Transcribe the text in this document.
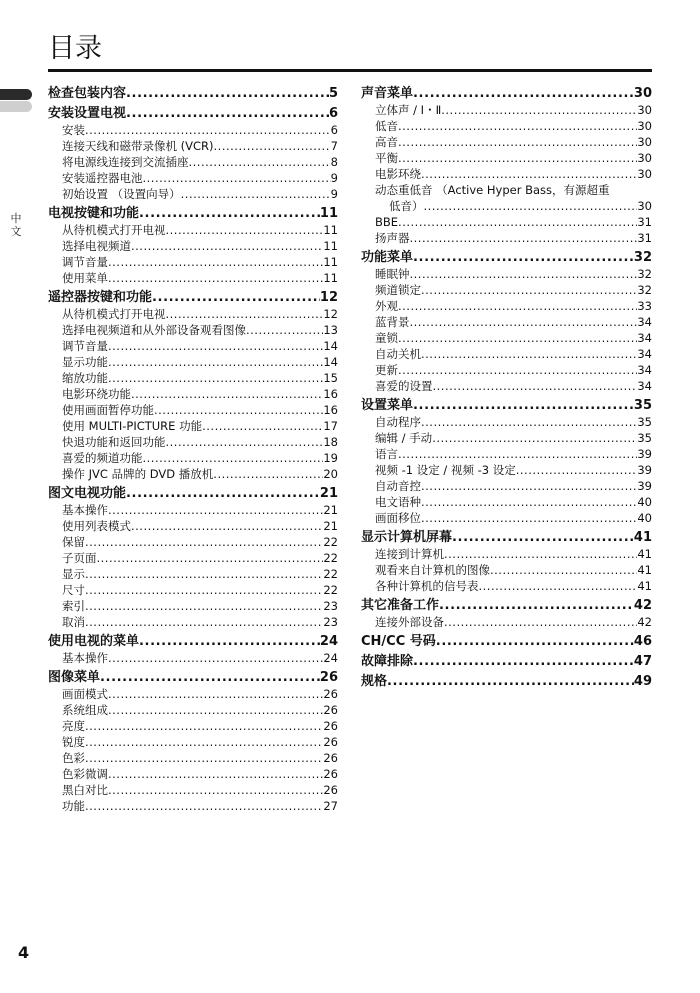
目录
中文
检查包装内容 .....	5
安装设置电视 .....	6
安装 .....	6
连接天线和磁带录像机 (VCR) .....	7
将电源线连接到交流插座 .....	8
安装遥控器电池 .....	9
初始设置 （设置向导） .....	9
电视按键和功能 .....	11
从待机模式打开电视 .....	11
选择电视频道 .....	11
调节音量 .....	11
使用菜单 .....	11
遥控器按键和功能 .....	12
从待机模式打开电视 .....	12
选择电视频道和从外部设备观看图像 .....	13
调节音量 .....	14
显示功能 .....	14
缩放功能 .....	15
电影环绕功能 .....	16
使用画面暂停功能 .....	16
使用 MULTI-PICTURE 功能 .....	17
快退功能和返回功能 .....	18
喜爱的频道功能 .....	19
操作 JVC 品牌的 DVD 播放机 .....	20
图文电视功能 .....	21
基本操作 .....	21
使用列表模式 .....	21
保留 .....	22
子页面 .....	22
显示 .....	22
尺寸 .....	22
索引 .....	23
取消 .....	23
使用电视的菜单 .....	24
基本操作 .....	24
图像菜单 .....	26
画面模式 .....	26
系统组成 .....	26
亮度 .....	26
锐度 .....	26
色彩 .....	26
色彩微调 .....	26
黑白对比 .....	26
功能 .....	27
声音菜单 .....	30
立体声 / Ⅰ・Ⅱ .....	30
低音 .....	30
高音 .....	30
平衡 .....	30
电影环绕 .....	30
动态重低音 （Active Hyper Bass，有源超重
低音） .....	30
BBE .....	31
扬声器 .....	31
功能菜单 .....	32
睡眠钟 .....	32
频道锁定 .....	32
外观 .....	33
蓝背景 .....	34
童锁 .....	34
自动关机 .....	34
更新 .....	34
喜爱的设置 .....	34
设置菜单 .....	35
自动程序 .....	35
编辑 / 手动 .....	35
语言 .....	39
视频 -1 设定 / 视频 -3 设定 .....	39
自动音控 .....	39
电文语种 .....	40
画面移位 .....	40
显示计算机屏幕 .....	41
连接到计算机 .....	41
观看来自计算机的图像 .....	41
各种计算机的信号表 .....	41
其它准备工作 .....	42
连接外部设备 .....	42
CH/CC 号码 .....	46
故障排除 .....	47
规格 .....	49
4
